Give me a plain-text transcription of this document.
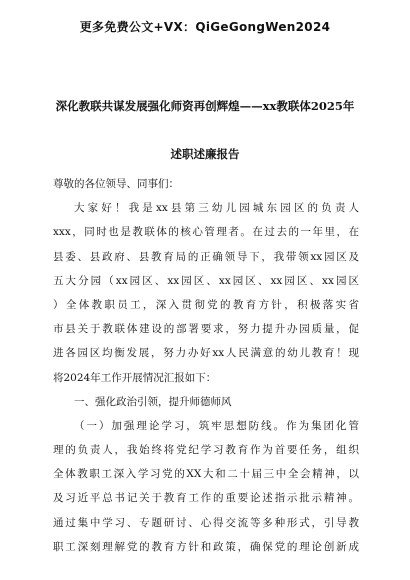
更多免费公文+VX：QiGeGongWen2024
深化教联共谋发展强化师资再创辉煌——xx教联体2025年
述职述廉报告
尊敬的各位领导、同事们：
大家好！我是xx县第三幼儿园城东园区的负责人
xxx，同时也是教联体的核心管理者。在过去的一年里，在
县委、县政府、县教育局的正确领导下，我带领xx园区及
五大分园（xx园区、xx园区、xx园区、xx园区、xx园区
）全体教职员工，深入贯彻党的教育方针，积极落实省
市县关于教联体建设的部署要求，努力提升办园质量，促
进各园区均衡发展，努力办好xx人民满意的幼儿教育！现
将2024年工作开展情况汇报如下：
一、强化政治引领，提升师德师风
（一）加强理论学习，筑牢思想防线。作为集团化管
理的负责人，我始终将党纪学习教育作为首要任务，组织
全体教职工深入学习党的XX大和二十届三中全会精神，以
及习近平总书记关于教育工作的重要论述指示批示精神。
通过集中学习、专题研讨、心得交流等多种形式，引导教
职工深刻理解党的教育方针和政策，确保党的理论创新成
